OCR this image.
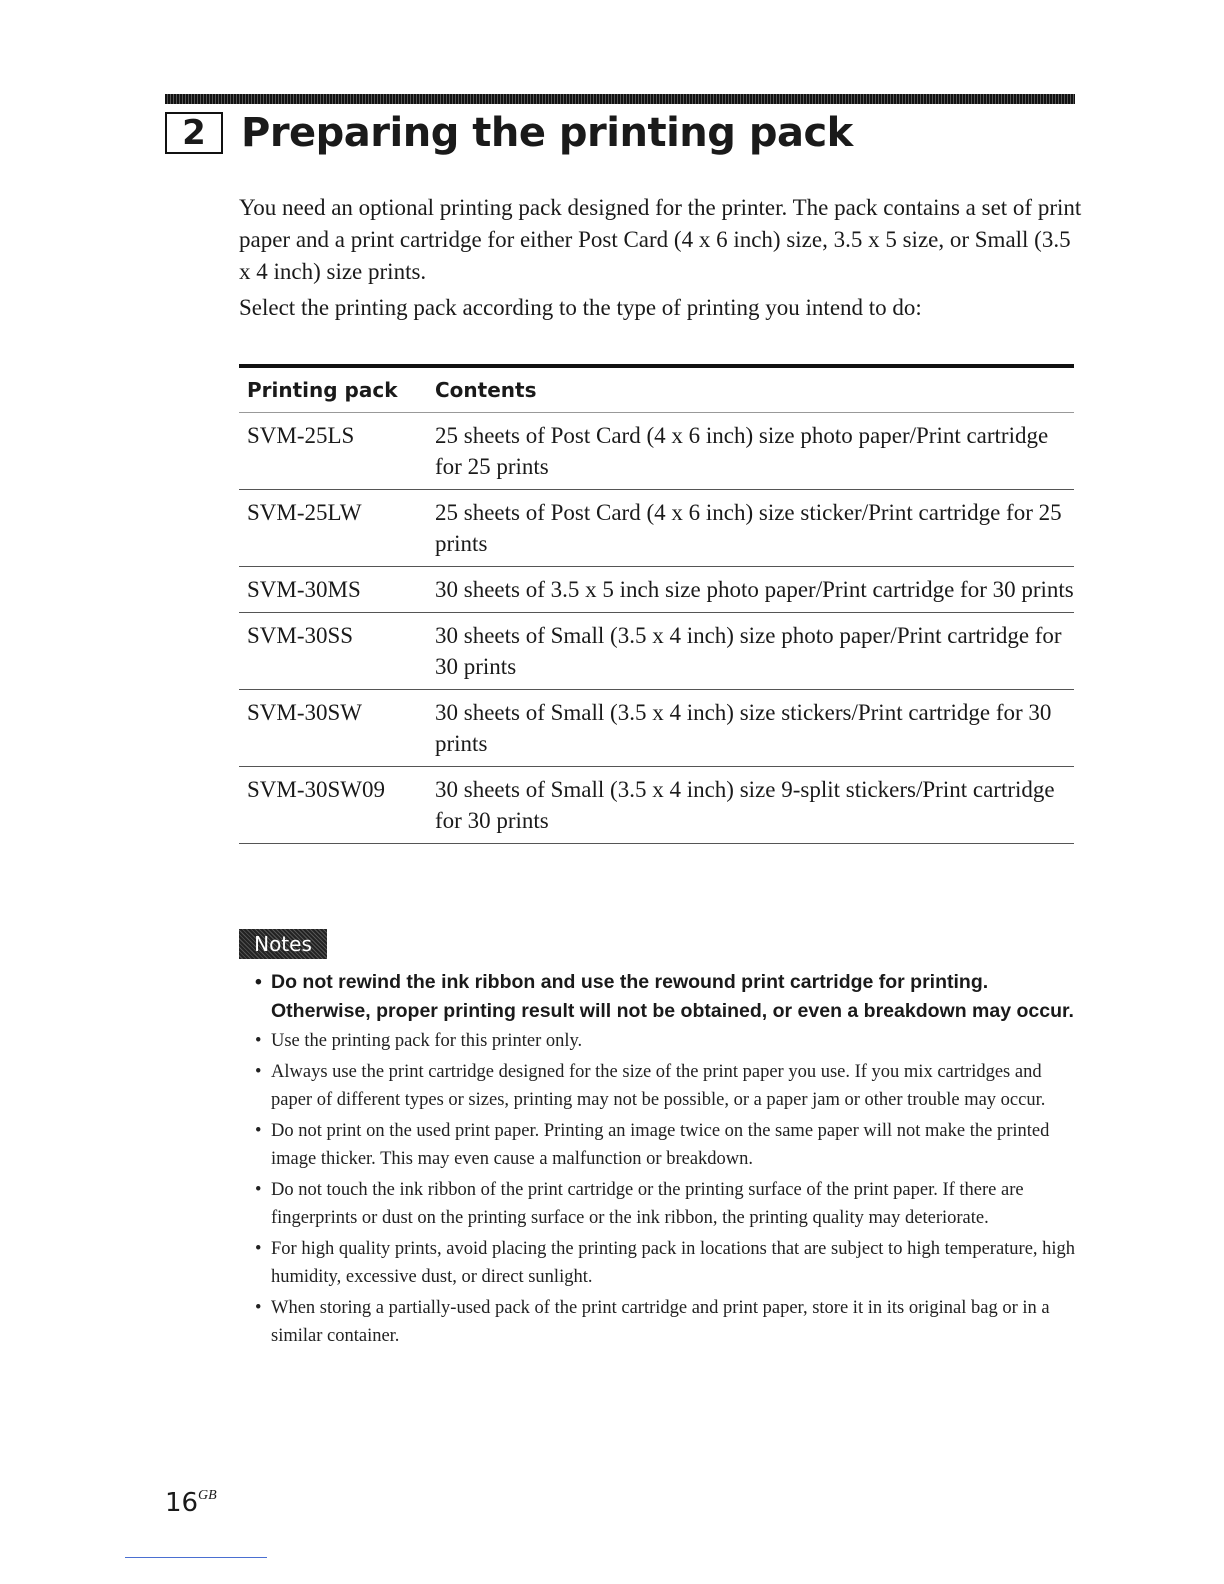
2 Preparing the printing pack

You need an optional printing pack designed for the printer. The pack contains a set of print paper and a print cartridge for either Post Card (4 x 6 inch) size, 3.5 x 5 size, or Small (3.5 x 4 inch) size prints.

Select the printing pack according to the type of printing you intend to do:

Printing pack	Contents
SVM-25LS	25 sheets of Post Card (4 x 6 inch) size photo paper/Print cartridge for 25 prints
SVM-25LW	25 sheets of Post Card (4 x 6 inch) size sticker/Print cartridge for 25 prints
SVM-30MS	30 sheets of 3.5 x 5 inch size photo paper/Print cartridge for 30 prints
SVM-30SS	30 sheets of Small (3.5 x 4 inch) size photo paper/Print cartridge for 30 prints
SVM-30SW	30 sheets of Small (3.5 x 4 inch) size stickers/Print cartridge for 30 prints
SVM-30SW09	30 sheets of Small (3.5 x 4 inch) size 9-split stickers/Print cartridge for 30 prints
Notes
• Do not rewind the ink ribbon and use the rewound print cartridge for printing. Otherwise, proper printing result will not be obtained, or even a breakdown may occur.
• Use the printing pack for this printer only.
• Always use the print cartridge designed for the size of the print paper you use. If you mix cartridges and paper of different types or sizes, printing may not be possible, or a paper jam or other trouble may occur.
• Do not print on the used print paper. Printing an image twice on the same paper will not make the printed image thicker. This may even cause a malfunction or breakdown.
• Do not touch the ink ribbon of the print cartridge or the printing surface of the print paper. If there are fingerprints or dust on the printing surface or the ink ribbon, the printing quality may deteriorate.
• For high quality prints, avoid placing the printing pack in locations that are subject to high temperature, high humidity, excessive dust, or direct sunlight.
• When storing a partially-used pack of the print cartridge and print paper, store it in its original bag or in a similar container.
16 GB
